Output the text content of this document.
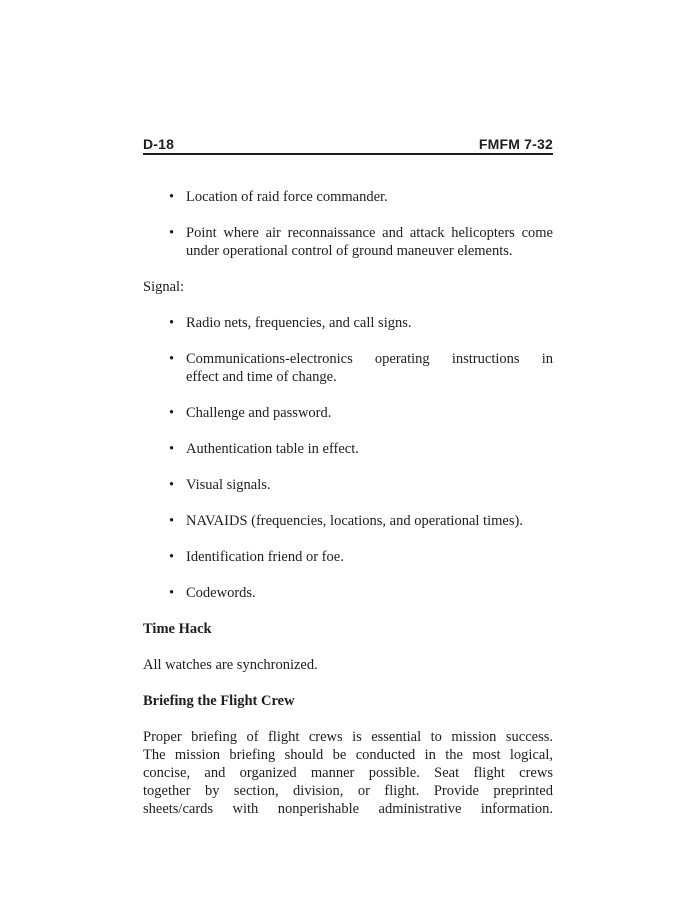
D-18	FMFM 7-32
• Location of raid force commander.
• Point where air reconnaissance and attack helicopters come
under operational control of ground maneuver elements.
Signal:
• Radio nets, frequencies, and call signs.
• Communications-electronics operating instructions in
effect and time of change.
• Challenge and password.
• Authentication table in effect.
• Visual signals.
• NAVAIDS (frequencies, locations, and operational times).
• Identification friend or foe.
• Codewords.
Time Hack
All watches are synchronized.
Briefing the Flight Crew
Proper briefing of flight crews is essential to mission success.
The mission briefing should be conducted in the most logical,
concise, and organized manner possible. Seat flight crews
together by section, division, or flight. Provide preprinted
sheets/cards with nonperishable administrative information.
